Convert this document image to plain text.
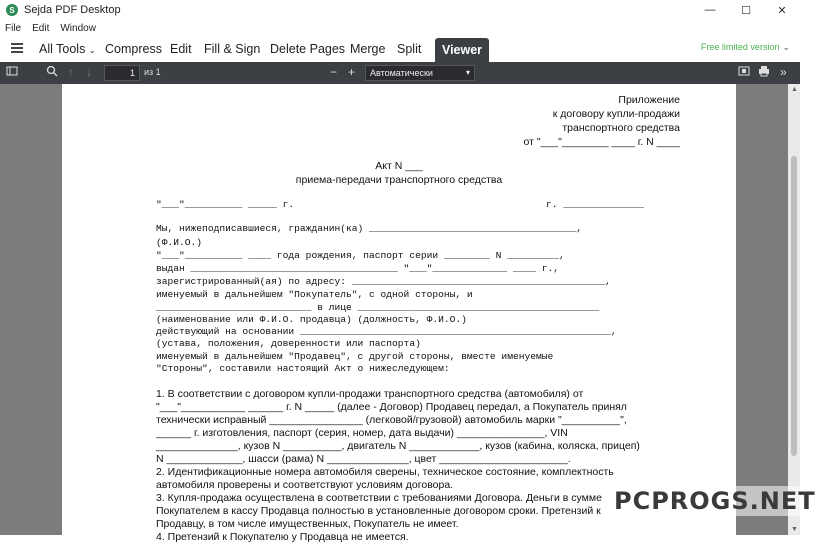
S Sejda PDF Desktop	—	☐	✕
File Edit Window
All Tools ⌄ Compress Edit Fill & Sign Delete Pages Merge Split	Viewer	Free limited version ⌄
↑ ↓	1	из 1	− +	Автоматически	▾	»
Приложение
к договору купли-продажи
транспортного средства
от "___"________ ____ г. N ____
Акт N ___
приема-передачи транспортного средства
"___"__________ _____ г.	г. ______________
Мы, нижеподписавшиеся, гражданин(ка) ____________________________________,
(Ф.И.О.)
"___"__________ ____ года рождения, паспорт серии ________ N _________,
выдан ____________________________________ "___"_____________ ____ г.,
зарегистрированный(ая) по адресу: ____________________________________________,
именуемый в дальнейшем "Покупатель", с одной стороны, и
___________________________ в лице __________________________________________
(наименование или Ф.И.О. продавца) (должность, Ф.И.О.)
действующий на основании ______________________________________________________,
(устава, положения, доверенности или паспорта)
именуемый в дальнейшем "Продавец", с другой стороны, вместе именуемые
"Стороны", составили настоящий Акт о нижеследующем:
1. В соответствии с договором купли-продажи транспортного средства (автомобиля) от
"___"___________ ______ г. N _____ (далее - Договор) Продавец передал, а Покупатель принял
технически исправный ________________ (легковой/грузовой) автомобиль марки "__________",
______ г. изготовления, паспорт (серия, номер, дата выдачи) _______________, VIN
______________, кузов N __________, двигатель N ____________, кузов (кабина, коляска, прицеп)
N _____________, шасси (рама) N ______________, цвет ______________________.
2. Идентификационные номера автомобиля сверены, техническое состояние, комплектность
автомобиля проверены и соответствуют условиям договора.
3. Купля-продажа осуществлена в соответствии с требованиями Договора. Деньги в сумме
Покупателем в кассу Продавца полностью в установленные договором сроки. Претензий к
Продавцу, в том числе имущественных, Покупатель не имеет.
4. Претензий к Покупателю у Продавца не имеется.
▲
▼
PCPROGS.NET
